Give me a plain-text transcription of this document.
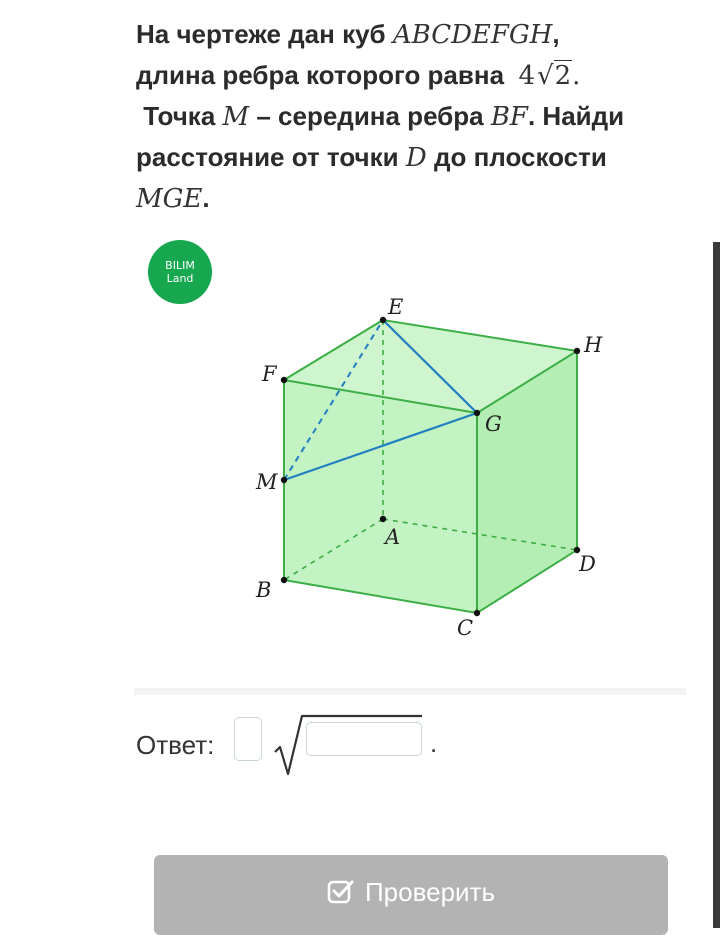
На чертеже дан куб ABCDEFGH,
длина ребра которого равна  4√2.
Точка M – середина ребра BF. Найди
расстояние от точки D до плоскости
MGE.
BILIM
Land
E
H
F
G
M
A
D
B
C
Ответ:	.
Проверить
